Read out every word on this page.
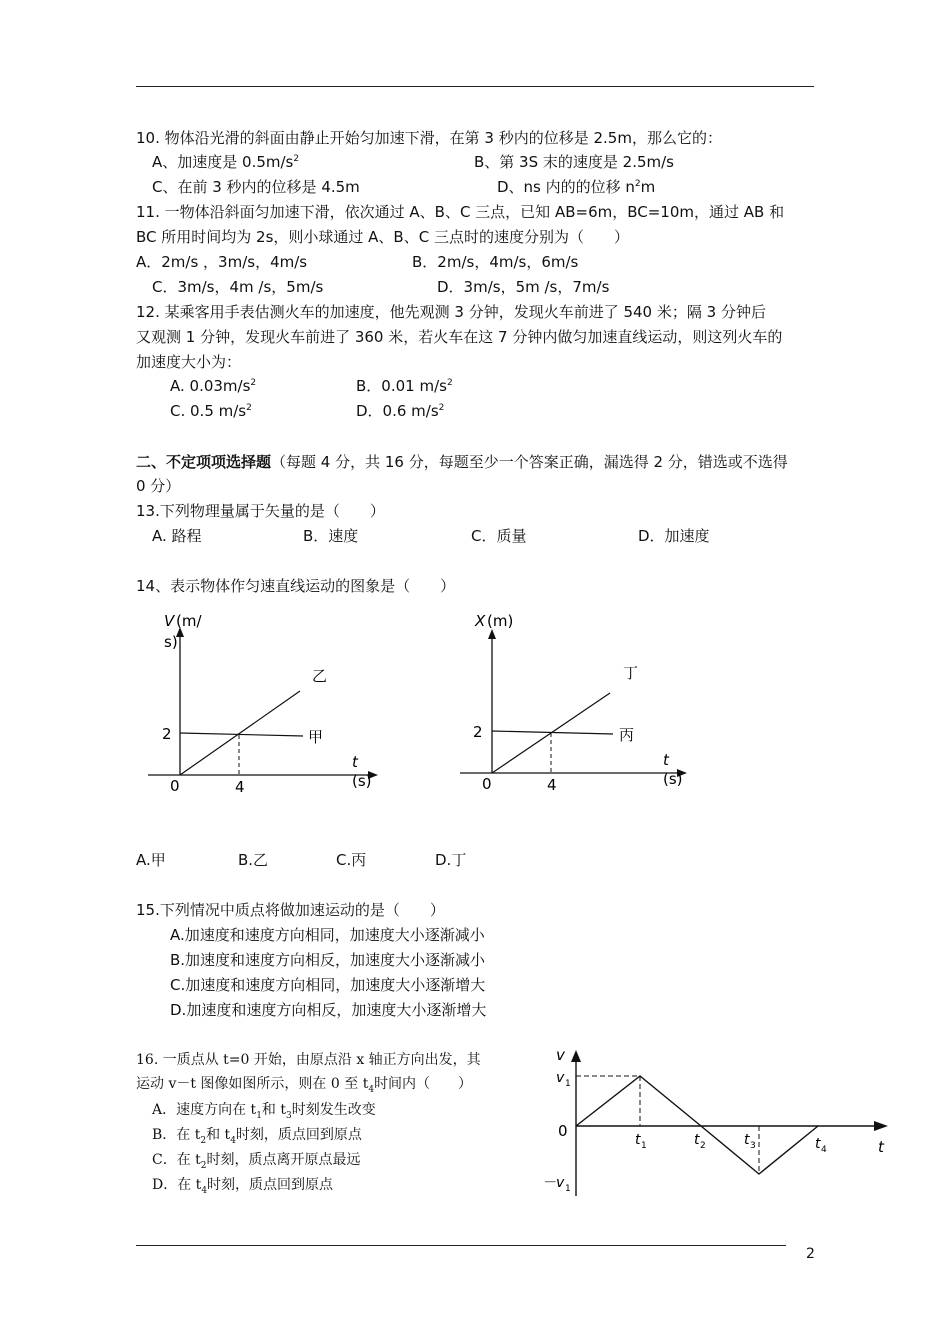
10. 物体沿光滑的斜面由静止开始匀加速下滑，在第 3 秒内的位移是 2.5m，那么它的：
A、加速度是 $0.5m/s^2$	B、第 3S 末的速度是 2.5m/s
C、在前 3 秒内的位移是 4.5m	D、ns 内的的位移 $n^2m$
11. 一物体沿斜面匀加速下滑，依次通过 A、B、C 三点，已知 AB=6m，BC=10m，通过 AB 和
BC 所用时间均为 2s，则小球通过 A、B、C 三点时的速度分别为（　　）
A．2m/s ，3m/s，4m/s	B．2m/s，4m/s，6m/s
C．3m/s，4m /s，5m/s	D．3m/s，5m /s，7m/s
12. 某乘客用手表估测火车的加速度，他先观测 3 分钟，发现火车前进了 540 米；隔 3 分钟后
又观测 1 分钟，发现火车前进了 360 米，若火车在这 7 分钟内做匀加速直线运动，则这列火车的
加速度大小为：
A. $0.03m/s^2$	B．0.01 $m/s^2$
C. 0.5 $m/s^2$	D．0.6 $m/s^2$
二、不定项项选择题（每题 4 分，共 16 分，每题至少一个答案正确，漏选得 2 分，错选或不选得
0 分）
13.下列物理量属于矢量的是（　　）
A. 路程	B．速度	C．质量	D．加速度
14、表示物体作匀速直线运动的图象是（　　）
V (m/
s)
乙
2	甲
t
(s)
0	4
X (m)
丁
2	丙
t
(s)
0	4
A.甲	B.乙	C.丙	D.丁
15.下列情况中质点将做加速运动的是（　　）
A.加速度和速度方向相同，加速度大小逐渐减小
B.加速度和速度方向相反，加速度大小逐渐减小
C.加速度和速度方向相同，加速度大小逐渐增大
D.加速度和速度方向相反，加速度大小逐渐增大
16. 一质点从 t=0 开始，由原点沿 x 轴正方向出发，其
运动 v－t 图像如图所示，则在 0 至 $t_4$时间内（　　）
A．速度方向在 $t_1$和 $t_3$时刻发生改变
B．在 $t_2$和 $t_4$时刻，质点回到原点
C．在 $t_2$时刻，质点离开原点最远
D．在 $t_4$时刻，质点回到原点
v
v 1
0	t 1	t 2	t 3	t 4	t
－v 1
2
